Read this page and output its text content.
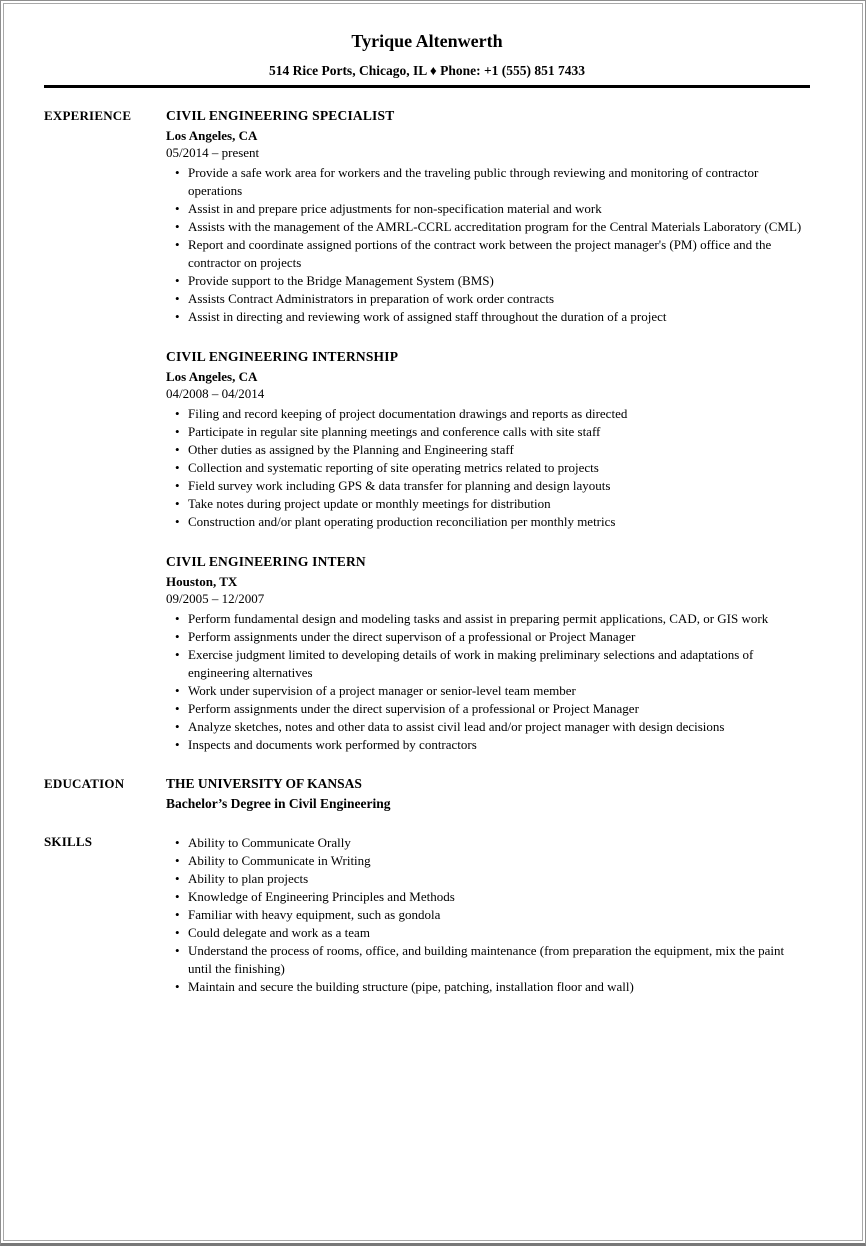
Tyrique Altenwerth
514 Rice Ports, Chicago, IL ♦ Phone: +1 (555) 851 7433
EXPERIENCE	CIVIL ENGINEERING SPECIALIST
Los Angeles, CA
05/2014 – present
• Provide a safe work area for workers and the traveling public through reviewing and monitoring of contractor operations
• Assist in and prepare price adjustments for non-specification material and work
• Assists with the management of the AMRL-CCRL accreditation program for the Central Materials Laboratory (CML)
• Report and coordinate assigned portions of the contract work between the project manager's (PM) office and the contractor on projects
• Provide support to the Bridge Management System (BMS)
• Assists Contract Administrators in preparation of work order contracts
• Assist in directing and reviewing work of assigned staff throughout the duration of a project
CIVIL ENGINEERING INTERNSHIP
Los Angeles, CA
04/2008 – 04/2014
• Filing and record keeping of project documentation drawings and reports as directed
• Participate in regular site planning meetings and conference calls with site staff
• Other duties as assigned by the Planning and Engineering staff
• Collection and systematic reporting of site operating metrics related to projects
• Field survey work including GPS & data transfer for planning and design layouts
• Take notes during project update or monthly meetings for distribution
• Construction and/or plant operating production reconciliation per monthly metrics
CIVIL ENGINEERING INTERN
Houston, TX
09/2005 – 12/2007
• Perform fundamental design and modeling tasks and assist in preparing permit applications, CAD, or GIS work
• Perform assignments under the direct supervison of a professional or Project Manager
• Exercise judgment limited to developing details of work in making preliminary selections and adaptations of engineering alternatives
• Work under supervision of a project manager or senior-level team member
• Perform assignments under the direct supervision of a professional or Project Manager
• Analyze sketches, notes and other data to assist civil lead and/or project manager with design decisions
• Inspects and documents work performed by contractors
EDUCATION	THE UNIVERSITY OF KANSAS
Bachelor’s Degree in Civil Engineering
SKILLS	• Ability to Communicate Orally
• Ability to Communicate in Writing
• Ability to plan projects
• Knowledge of Engineering Principles and Methods
• Familiar with heavy equipment, such as gondola
• Could delegate and work as a team
• Understand the process of rooms, office, and building maintenance (from preparation the equipment, mix the paint until the finishing)
• Maintain and secure the building structure (pipe, patching, installation floor and wall)
